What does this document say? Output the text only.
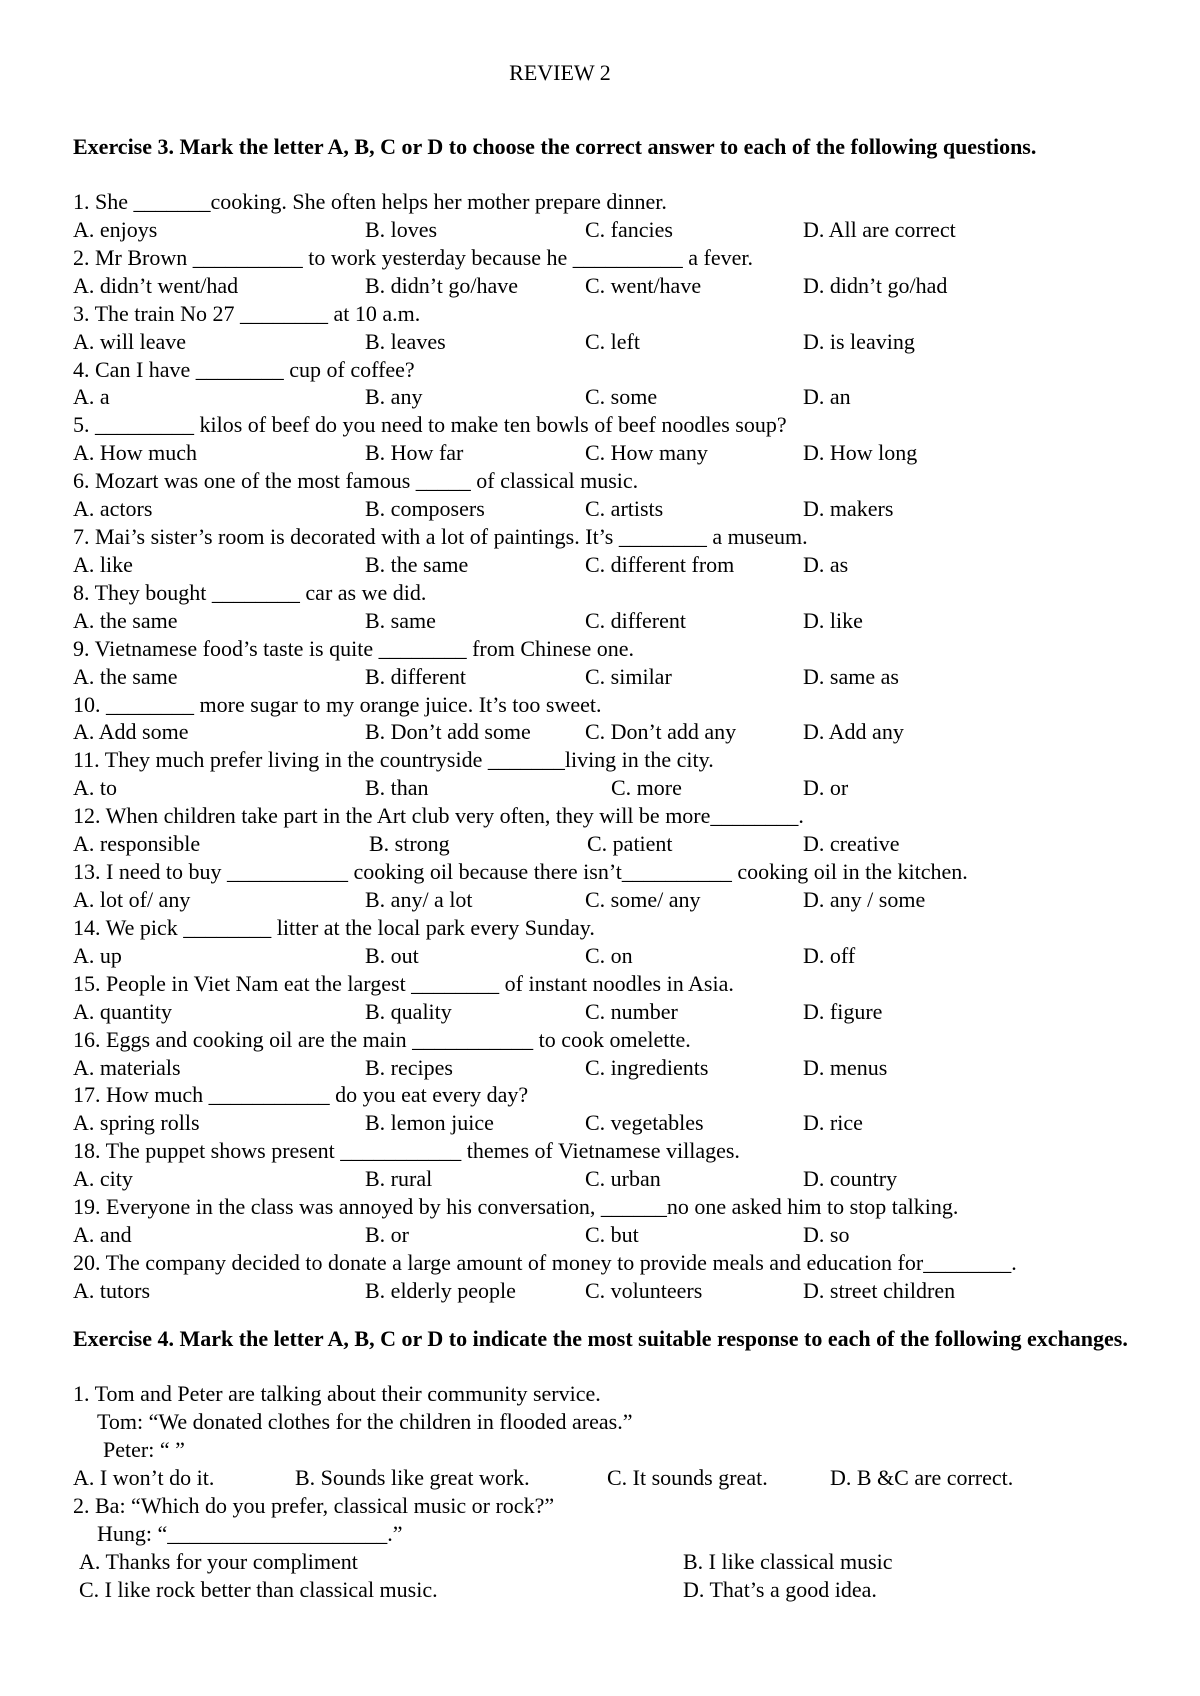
REVIEW 2
Exercise 3. Mark the letter A, B, C or D to choose the correct answer to each of the following questions.
1. She _______cooking. She often helps her mother prepare dinner.
A. enjoys	B. loves	C. fancies	D. All are correct
2. Mr Brown __________ to work yesterday because he __________ a fever.
A. didn’t went/had	B. didn’t go/have	C. went/have	D. didn’t go/had
3. The train No 27 ________ at 10 a.m.
A. will leave	B. leaves	C. left	D. is leaving
4. Can I have ________ cup of coffee?
A. a	B. any	C. some	D. an
5. _________ kilos of beef do you need to make ten bowls of beef noodles soup?
A. How much	B. How far	C. How many	D. How long
6. Mozart was one of the most famous _____ of classical music.
A. actors	B. composers	C. artists	D. makers
7. Mai’s sister’s room is decorated with a lot of paintings. It’s ________ a museum.
A. like	B. the same	C. different from	D. as
8. They bought ________ car as we did.
A. the same	B. same	C. different	D. like
9. Vietnamese food’s taste is quite ________ from Chinese one.
A. the same	B. different	C. similar	D. same as
10. ________ more sugar to my orange juice. It’s too sweet.
A. Add some	B. Don’t add some C. Don’t add any	D. Add any
11. They much prefer living in the countryside _______living in the city.
A. to	B. than	C. more	D. or
12. When children take part in the Art club very often, they will be more________.
A. responsible	B. strong	C. patient	D. creative
13. I need to buy ___________ cooking oil because there isn’t__________ cooking oil in the kitchen.
A. lot of/ any	B. any/ a lot	C. some/ any	D. any / some
14. We pick ________ litter at the local park every Sunday.
A. up	B. out	C. on	D. off
15. People in Viet Nam eat the largest ________ of instant noodles in Asia.
A. quantity	B. quality	C. number	D. figure
16. Eggs and cooking oil are the main ___________ to cook omelette.
A. materials	B. recipes	C. ingredients	D. menus
17. How much ___________ do you eat every day?
A. spring rolls	B. lemon juice	C. vegetables	D. rice
18. The puppet shows present ___________ themes of Vietnamese villages.
A. city	B. rural	C. urban	D. country
19. Everyone in the class was annoyed by his conversation, ______no one asked him to stop talking.
A. and	B. or	C. but	D. so
20. The company decided to donate a large amount of money to provide meals and education for________.
A. tutors	B. elderly people	C. volunteers	D. street children
Exercise 4. Mark the letter A, B, C or D to indicate the most suitable response to each of the following exchanges.
1. Tom and Peter are talking about their community service.
Tom: “We donated clothes for the children in flooded areas.”
Peter: “ ”
A. I won’t do it.	B. Sounds like great work.	C. It sounds great.	D. B &C are correct.
2. Ba: “Which do you prefer, classical music or rock?”
Hung: “____________________.”
A. Thanks for your compliment	B. I like classical music
C. I like rock better than classical music.	D. That’s a good idea.
